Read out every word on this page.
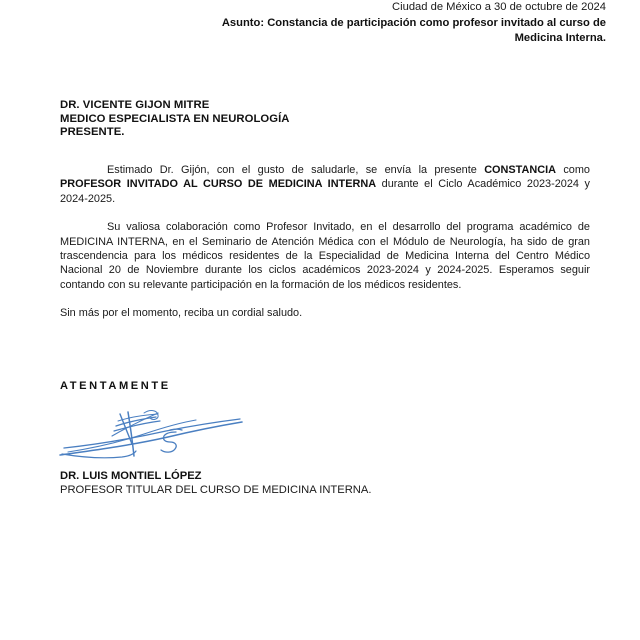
Ciudad de México a 30 de octubre de 2024
Asunto: Constancia de participación como profesor invitado al curso de Medicina Interna.
DR. VICENTE GIJON MITRE
MEDICO ESPECIALISTA EN NEUROLOGÍA
PRESENTE.

Estimado Dr. Gijón, con el gusto de saludarle, se envía la presente CONSTANCIA como PROFESOR INVITADO AL CURSO DE MEDICINA INTERNA durante el Ciclo Académico 2023-2024 y 2024-2025.

Su valiosa colaboración como Profesor Invitado, en el desarrollo del programa académico de MEDICINA INTERNA, en el Seminario de Atención Médica con el Módulo de Neurología, ha sido de gran trascendencia para los médicos residentes de la Especialidad de Medicina Interna del Centro Médico Nacional 20 de Noviembre durante los ciclos académicos 2023-2024 y 2024-2025. Esperamos seguir contando con su relevante participación en la formación de los médicos residentes.

Sin más por el momento, reciba un cordial saludo.

ATENTAMENTE
DR. LUIS MONTIEL LÓPEZ
PROFESOR TITULAR DEL CURSO DE MEDICINA INTERNA.
